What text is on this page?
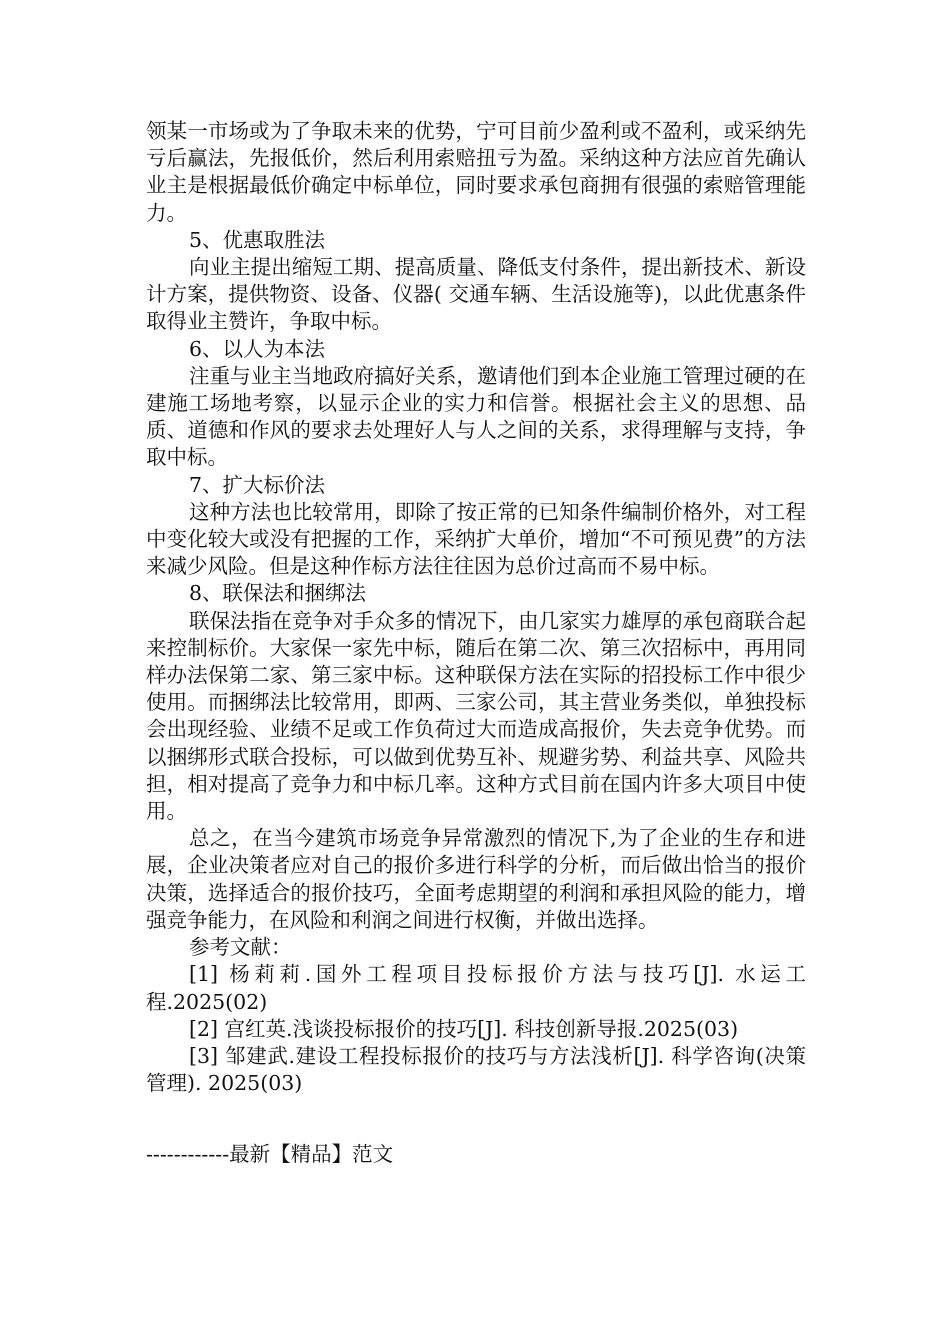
领某一市场或为了争取未来的优势，宁可目前少盈利或不盈利，或采纳先亏后赢法，先报低价，然后利用索赔扭亏为盈。采纳这种方法应首先确认业主是根据最低价确定中标单位，同时要求承包商拥有很强的索赔管理能力。

5、优惠取胜法

向业主提出缩短工期、提高质量、降低支付条件，提出新技术、新设计方案，提供物资、设备、仪器( 交通车辆、生活设施等)，以此优惠条件取得业主赞许，争取中标。

6、以人为本法

注重与业主当地政府搞好关系，邀请他们到本企业施工管理过硬的在建施工场地考察，以显示企业的实力和信誉。根据社会主义的思想、品质、道德和作风的要求去处理好人与人之间的关系，求得理解与支持，争取中标。

7、扩大标价法

这种方法也比较常用，即除了按正常的已知条件编制价格外，对工程中变化较大或没有把握的工作，采纳扩大单价，增加“不可预见费”的方法来减少风险。但是这种作标方法往往因为总价过高而不易中标。

8、联保法和捆绑法

联保法指在竞争对手众多的情况下，由几家实力雄厚的承包商联合起来控制标价。大家保一家先中标，随后在第二次、第三次招标中，再用同样办法保第二家、第三家中标。这种联保方法在实际的招投标工作中很少使用。而捆绑法比较常用，即两、三家公司，其主营业务类似，单独投标会出现经验、业绩不足或工作负荷过大而造成高报价，失去竞争优势。而以捆绑形式联合投标，可以做到优势互补、规避劣势、利益共享、风险共担，相对提高了竞争力和中标几率。这种方式目前在国内许多大项目中使用。

总之，在当今建筑市场竞争异常激烈的情况下,为了企业的生存和进展，企业决策者应对自己的报价多进行科学的分析，而后做出恰当的报价决策，选择适合的报价技巧，全面考虑期望的利润和承担风险的能力，增强竞争能力，在风险和利润之间进行权衡，并做出选择。

参考文献：

[1] 杨莉莉.国外工程项目投标报价方法与技巧[J]. 水运工程.2025(02)

[2] 宫红英.浅谈投标报价的技巧[J]. 科技创新导报.2025(03)

[3] 邹建武.建设工程投标报价的技巧与方法浅析[J]. 科学咨询(决策管理). 2025(03)

------------最新【精品】范文
